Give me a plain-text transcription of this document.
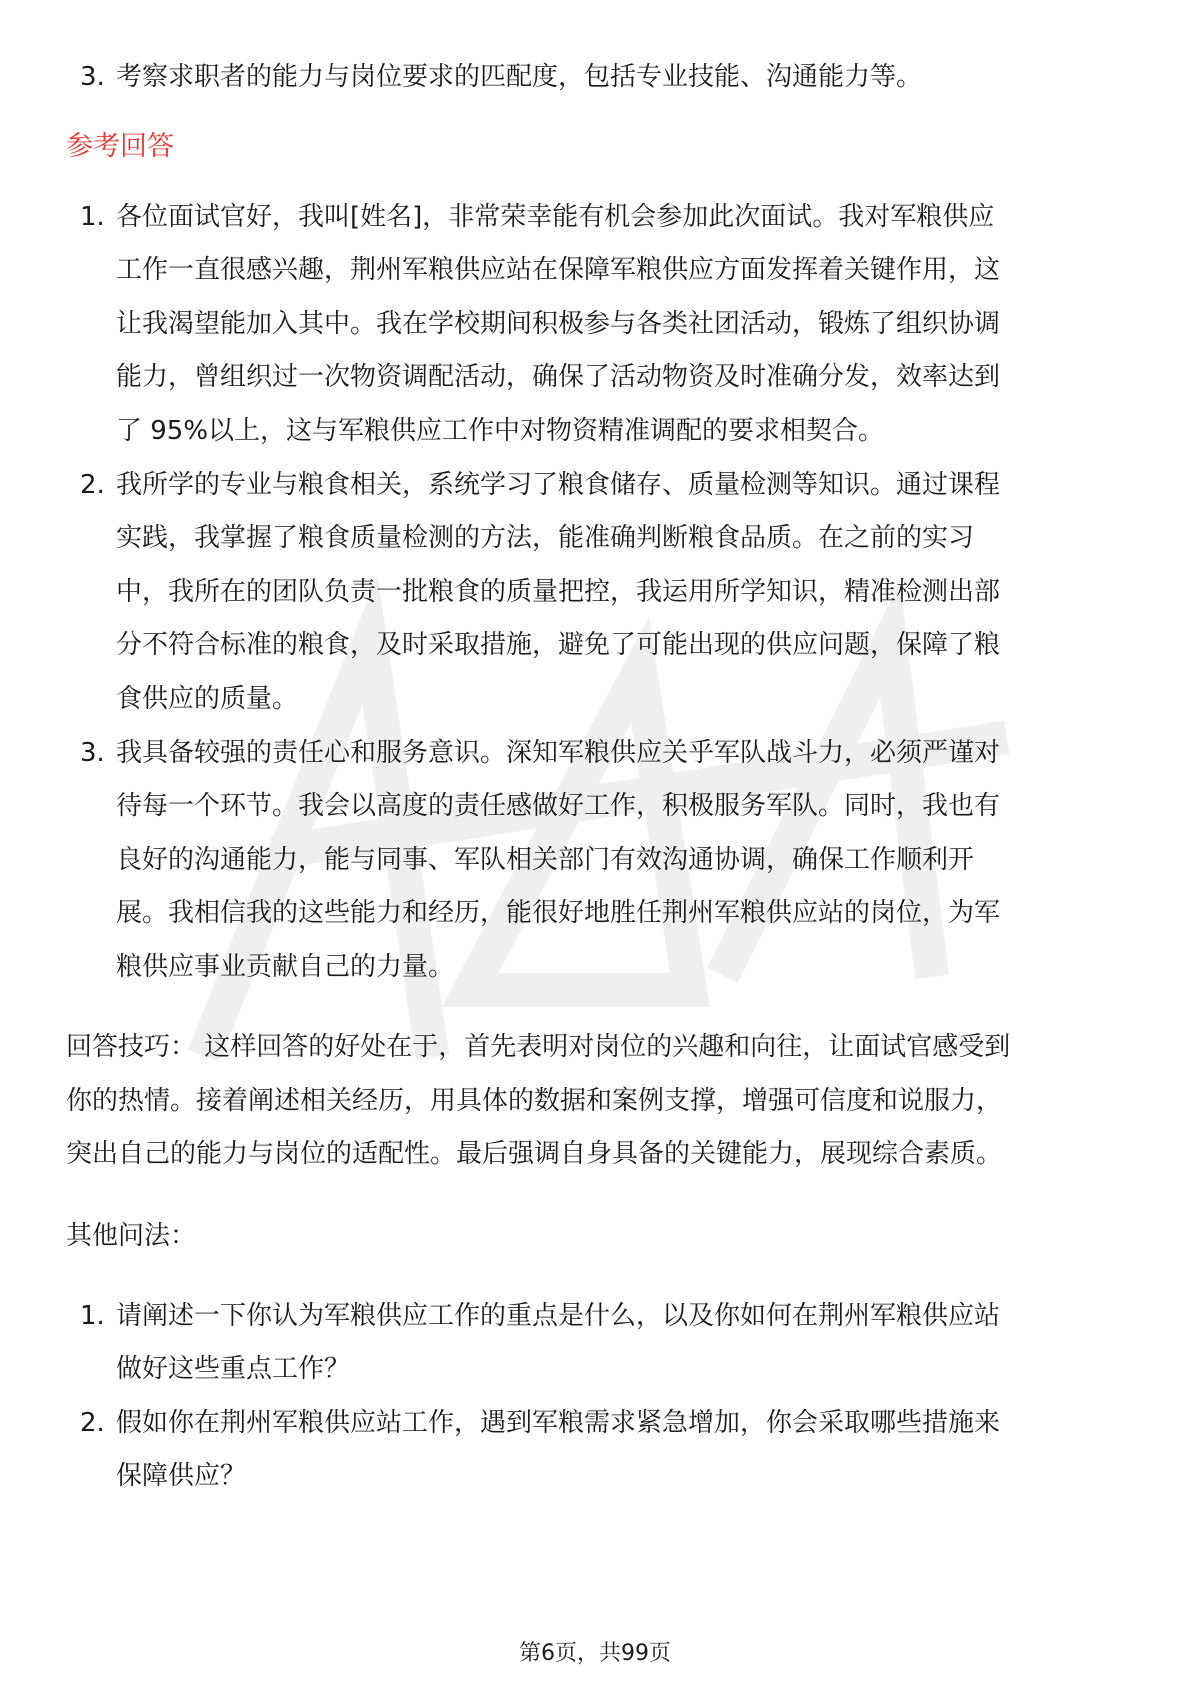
3. 考察求职者的能力与岗位要求的匹配度，包括专业技能、沟通能力等。
参考回答
1. 各位面试官好，我叫[姓名]，非常荣幸能有机会参加此次面试。我对军粮供应
工作一直很感兴趣，荆州军粮供应站在保障军粮供应方面发挥着关键作用，这
让我渴望能加入其中。我在学校期间积极参与各类社团活动，锻炼了组织协调
能力，曾组织过一次物资调配活动，确保了活动物资及时准确分发，效率达到
了 95%以上，这与军粮供应工作中对物资精准调配的要求相契合。
2. 我所学的专业与粮食相关，系统学习了粮食储存、质量检测等知识。通过课程
实践，我掌握了粮食质量检测的方法，能准确判断粮食品质。在之前的实习
中，我所在的团队负责一批粮食的质量把控，我运用所学知识，精准检测出部
分不符合标准的粮食，及时采取措施，避免了可能出现的供应问题，保障了粮
食供应的质量。
3. 我具备较强的责任心和服务意识。深知军粮供应关乎军队战斗力，必须严谨对
待每一个环节。我会以高度的责任感做好工作，积极服务军队。同时，我也有
良好的沟通能力，能与同事、军队相关部门有效沟通协调，确保工作顺利开
展。我相信我的这些能力和经历，能很好地胜任荆州军粮供应站的岗位，为军
粮供应事业贡献自己的力量。
回答技巧： 这样回答的好处在于，首先表明对岗位的兴趣和向往，让面试官感受到
你的热情。接着阐述相关经历，用具体的数据和案例支撑，增强可信度和说服力，
突出自己的能力与岗位的适配性。最后强调自身具备的关键能力，展现综合素质。
其他问法：
1. 请阐述一下你认为军粮供应工作的重点是什么，以及你如何在荆州军粮供应站
做好这些重点工作？
2. 假如你在荆州军粮供应站工作，遇到军粮需求紧急增加，你会采取哪些措施来
保障供应？
第6页，共99页
